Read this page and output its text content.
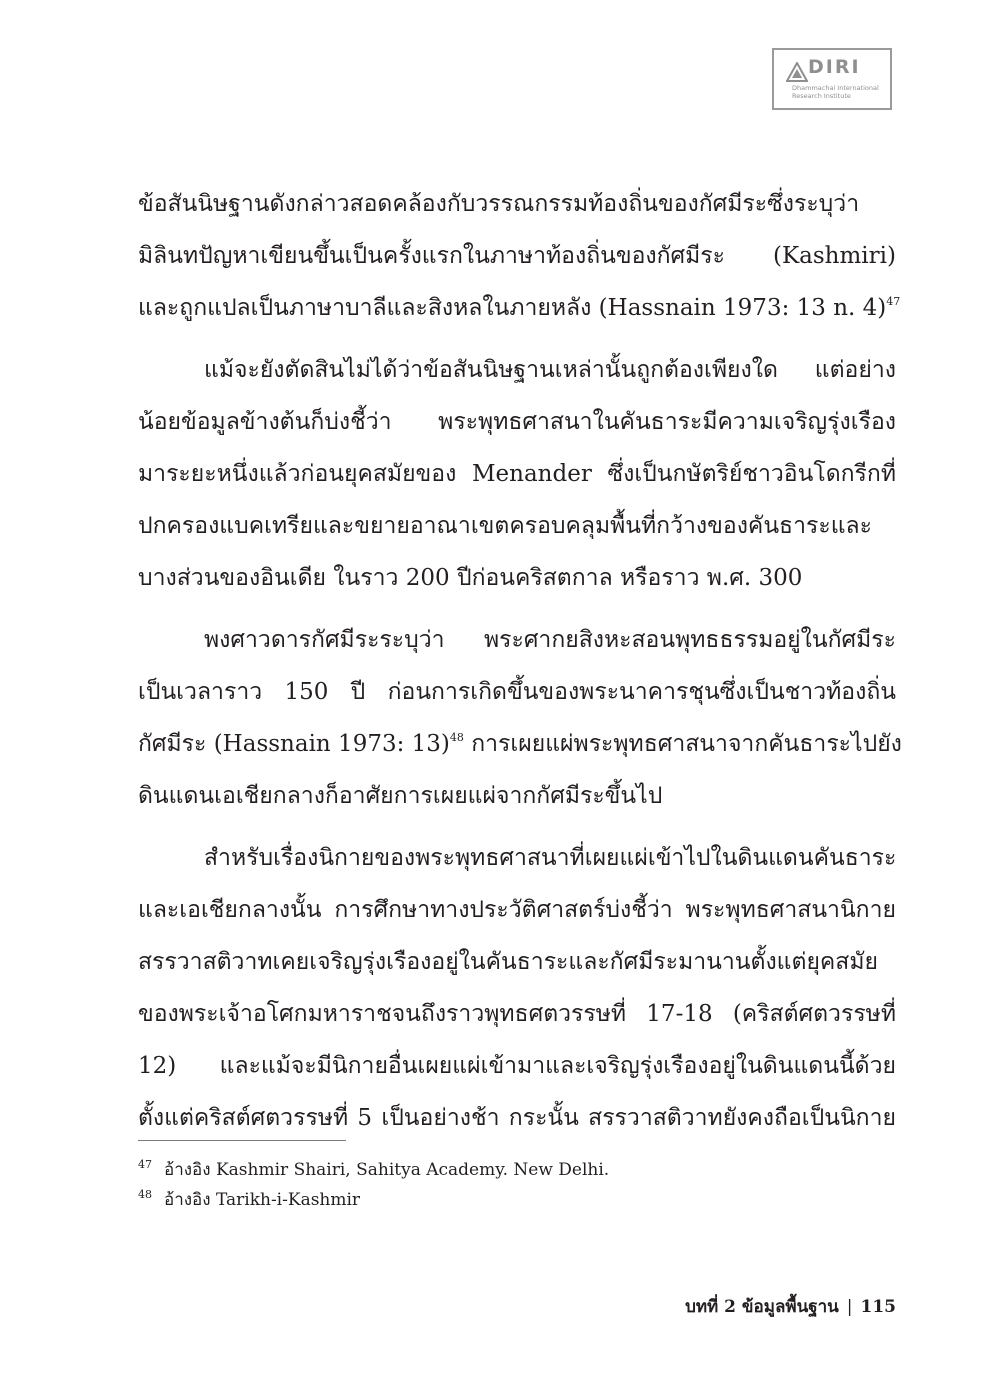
DIRI
Dhammachai International
Research Institute
ข้อสันนิษฐานดังกล่าวสอดคล้องกับวรรณกรรมท้องถิ่นของกัศมีระซึ่งระบุว่า
มิลินทปัญหาเขียนขึ้นเป็นครั้งแรกในภาษาท้องถิ่นของกัศมีระ (Kashmiri)
และถูกแปลเป็นภาษาบาลีและสิงหลในภายหลัง (Hassnain 1973: 13 n. 4)$^{47}$
แม้จะยังตัดสินไม่ได้ว่าข้อสันนิษฐานเหล่านั้นถูกต้องเพียงใด แต่อย่าง
น้อยข้อมูลข้างต้นก็บ่งชี้ว่า พระพุทธศาสนาในคันธาระมีความเจริญรุ่งเรือง
มาระยะหนึ่งแล้วก่อนยุคสมัยของ Menander ซึ่งเป็นกษัตริย์ชาวอินโดกรีกที่
ปกครองแบคเทรียและขยายอาณาเขตครอบคลุมพื้นที่กว้างของคันธาระและ
บางส่วนของอินเดีย ในราว 200 ปีก่อนคริสตกาล หรือราว พ.ศ. 300
พงศาวดารกัศมีระระบุว่า พระศากยสิงหะสอนพุทธธรรมอยู่ในกัศมีระ
เป็นเวลาราว 150 ปี ก่อนการเกิดขึ้นของพระนาคารชุนซึ่งเป็นชาวท้องถิ่น
กัศมีระ (Hassnain 1973: 13)$^{48}$ การเผยแผ่พระพุทธศาสนาจากคันธาระไปยัง
ดินแดนเอเชียกลางก็อาศัยการเผยแผ่จากกัศมีระขึ้นไป
สำหรับเรื่องนิกายของพระพุทธศาสนาที่เผยแผ่เข้าไปในดินแดนคันธาระ
และเอเชียกลางนั้น การศึกษาทางประวัติศาสตร์บ่งชี้ว่า พระพุทธศาสนานิกาย
สรรวาสติวาทเคยเจริญรุ่งเรืองอยู่ในคันธาระและกัศมีระมานานตั้งแต่ยุคสมัย
ของพระเจ้าอโศกมหาราชจนถึงราวพุทธศตวรรษที่ 17-18 (คริสต์ศตวรรษที่
12) และแม้จะมีนิกายอื่นเผยแผ่เข้ามาและเจริญรุ่งเรืองอยู่ในดินแดนนี้ด้วย
ตั้งแต่คริสต์ศตวรรษที่ 5 เป็นอย่างช้า กระนั้น สรรวาสติวาทยังคงถือเป็นนิกาย
$^{47}$ อ้างอิง Kashmir Shairi, Sahitya Academy. New Delhi.
$^{48}$ อ้างอิง Tarikh-i-Kashmir
บทที่ 2 ข้อมูลพื้นฐาน | 115
